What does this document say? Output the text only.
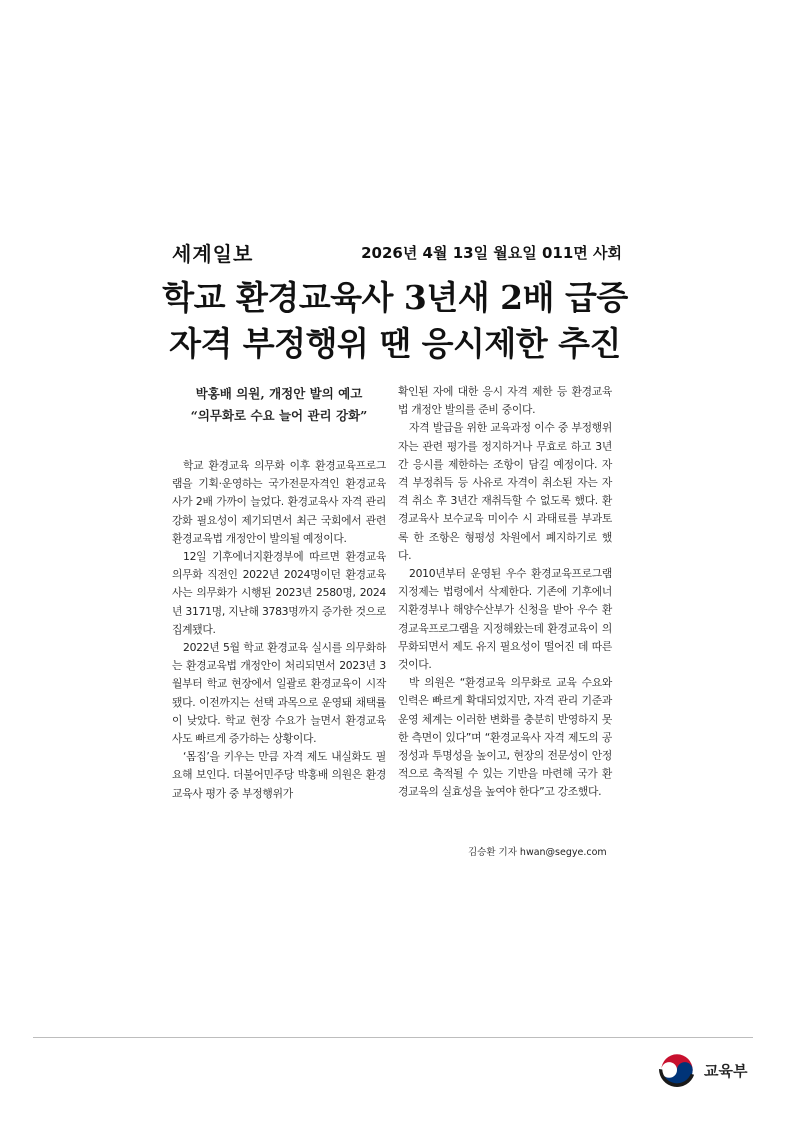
세계일보	2026년 4월 13일 월요일 011면 사회
학교 환경교육사 3년새 2배 급증
자격 부정행위 땐 응시제한 추진
박홍배 의원, 개정안 발의 예고
“의무화로 수요 늘어 관리 강화”

학교 환경교육 의무화 이후 환경교육프로그램을 기획·운영하는 국가전문자격인 환경교육사가 2배 가까이 늘었다. 환경교육사 자격 관리 강화 필요성이 제기되면서 최근 국회에서 관련 환경교육법 개정안이 발의될 예정이다.

12일 기후에너지환경부에 따르면 환경교육 의무화 직전인 2022년 2024명이던 환경교육사는 의무화가 시행된 2023년 2580명, 2024년 3171명, 지난해 3783명까지 증가한 것으로 집계됐다.

2022년 5월 학교 환경교육 실시를 의무화하는 환경교육법 개정안이 처리되면서 2023년 3월부터 학교 현장에서 일괄로 환경교육이 시작됐다. 이전까지는 선택 과목으로 운영돼 채택률이 낮았다. 학교 현장 수요가 늘면서 환경교육사도 빠르게 증가하는 상황이다.

‘몸집’을 키우는 만큼 자격 제도 내실화도 필요해 보인다. 더불어민주당 박홍배 의원은 환경교육사 평가 중 부정행위가

확인된 자에 대한 응시 자격 제한 등 환경교육법 개정안 발의를 준비 중이다.

자격 발급을 위한 교육과정 이수 중 부정행위자는 관련 평가를 정지하거나 무효로 하고 3년간 응시를 제한하는 조항이 담길 예정이다. 자격 부정취득 등 사유로 자격이 취소된 자는 자격 취소 후 3년간 재취득할 수 없도록 했다. 환경교육사 보수교육 미이수 시 과태료를 부과토록 한 조항은 형평성 차원에서 폐지하기로 했다.

2010년부터 운영된 우수 환경교육프로그램 지정제는 법령에서 삭제한다. 기존에 기후에너지환경부나 해양수산부가 신청을 받아 우수 환경교육프로그램을 지정해왔는데 환경교육이 의무화되면서 제도 유지 필요성이 떨어진 데 따른 것이다.

박 의원은 “환경교육 의무화로 교육 수요와 인력은 빠르게 확대되었지만, 자격 관리 기준과 운영 체계는 이러한 변화를 충분히 반영하지 못한 측면이 있다”며 “환경교육사 자격 제도의 공정성과 투명성을 높이고, 현장의 전문성이 안정적으로 축적될 수 있는 기반을 마련해 국가 환경교육의 실효성을 높여야 한다”고 강조했다.

김승환 기자 hwan@segye.com
교육부
